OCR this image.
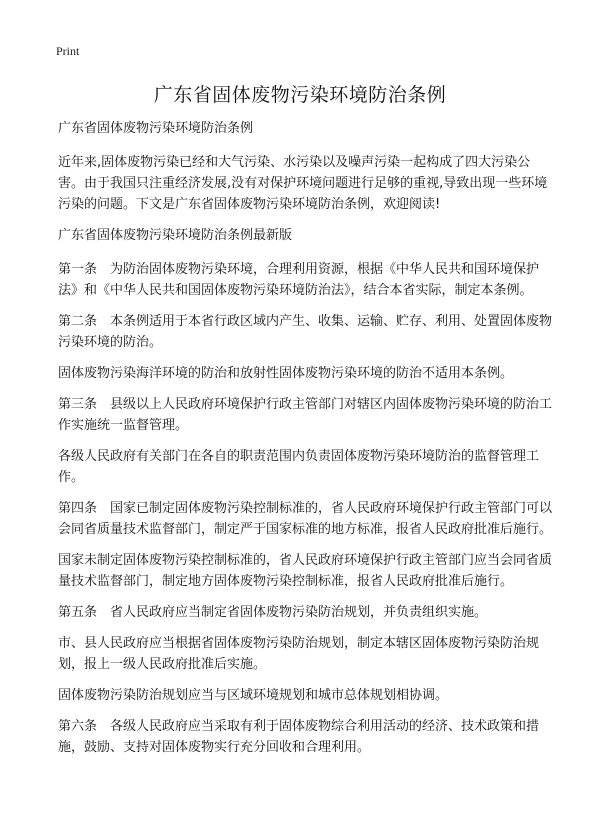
Print
广东省固体废物污染环境防治条例

广东省固体废物污染环境防治条例

近年来,固体废物污染已经和大气污染、水污染以及噪声污染一起构成了四大污染公害。由于我国只注重经济发展,没有对保护环境问题进行足够的重视,导致出现一些环境污染的问题。下文是广东省固体废物污染环境防治条例，欢迎阅读!

广东省固体废物污染环境防治条例最新版

第一条　为防治固体废物污染环境，合理利用资源，根据《中华人民共和国环境保护法》和《中华人民共和国固体废物污染环境防治法》，结合本省实际，制定本条例。

第二条　本条例适用于本省行政区域内产生、收集、运输、贮存、利用、处置固体废物污染环境的防治。

固体废物污染海洋环境的防治和放射性固体废物污染环境的防治不适用本条例。

第三条　县级以上人民政府环境保护行政主管部门对辖区内固体废物污染环境的防治工作实施统一监督管理。

各级人民政府有关部门在各自的职责范围内负责固体废物污染环境防治的监督管理工作。

第四条　国家已制定固体废物污染控制标准的，省人民政府环境保护行政主管部门可以会同省质量技术监督部门，制定严于国家标准的地方标准，报省人民政府批准后施行。

国家未制定固体废物污染控制标准的，省人民政府环境保护行政主管部门应当会同省质量技术监督部门，制定地方固体废物污染控制标准，报省人民政府批准后施行。

第五条　省人民政府应当制定省固体废物污染防治规划，并负责组织实施。

市、县人民政府应当根据省固体废物污染防治规划，制定本辖区固体废物污染防治规划，报上一级人民政府批准后实施。

固体废物污染防治规划应当与区域环境规划和城市总体规划相协调。

第六条　各级人民政府应当采取有利于固体废物综合利用活动的经济、技术政策和措施，鼓励、支持对固体废物实行充分回收和合理利用。
